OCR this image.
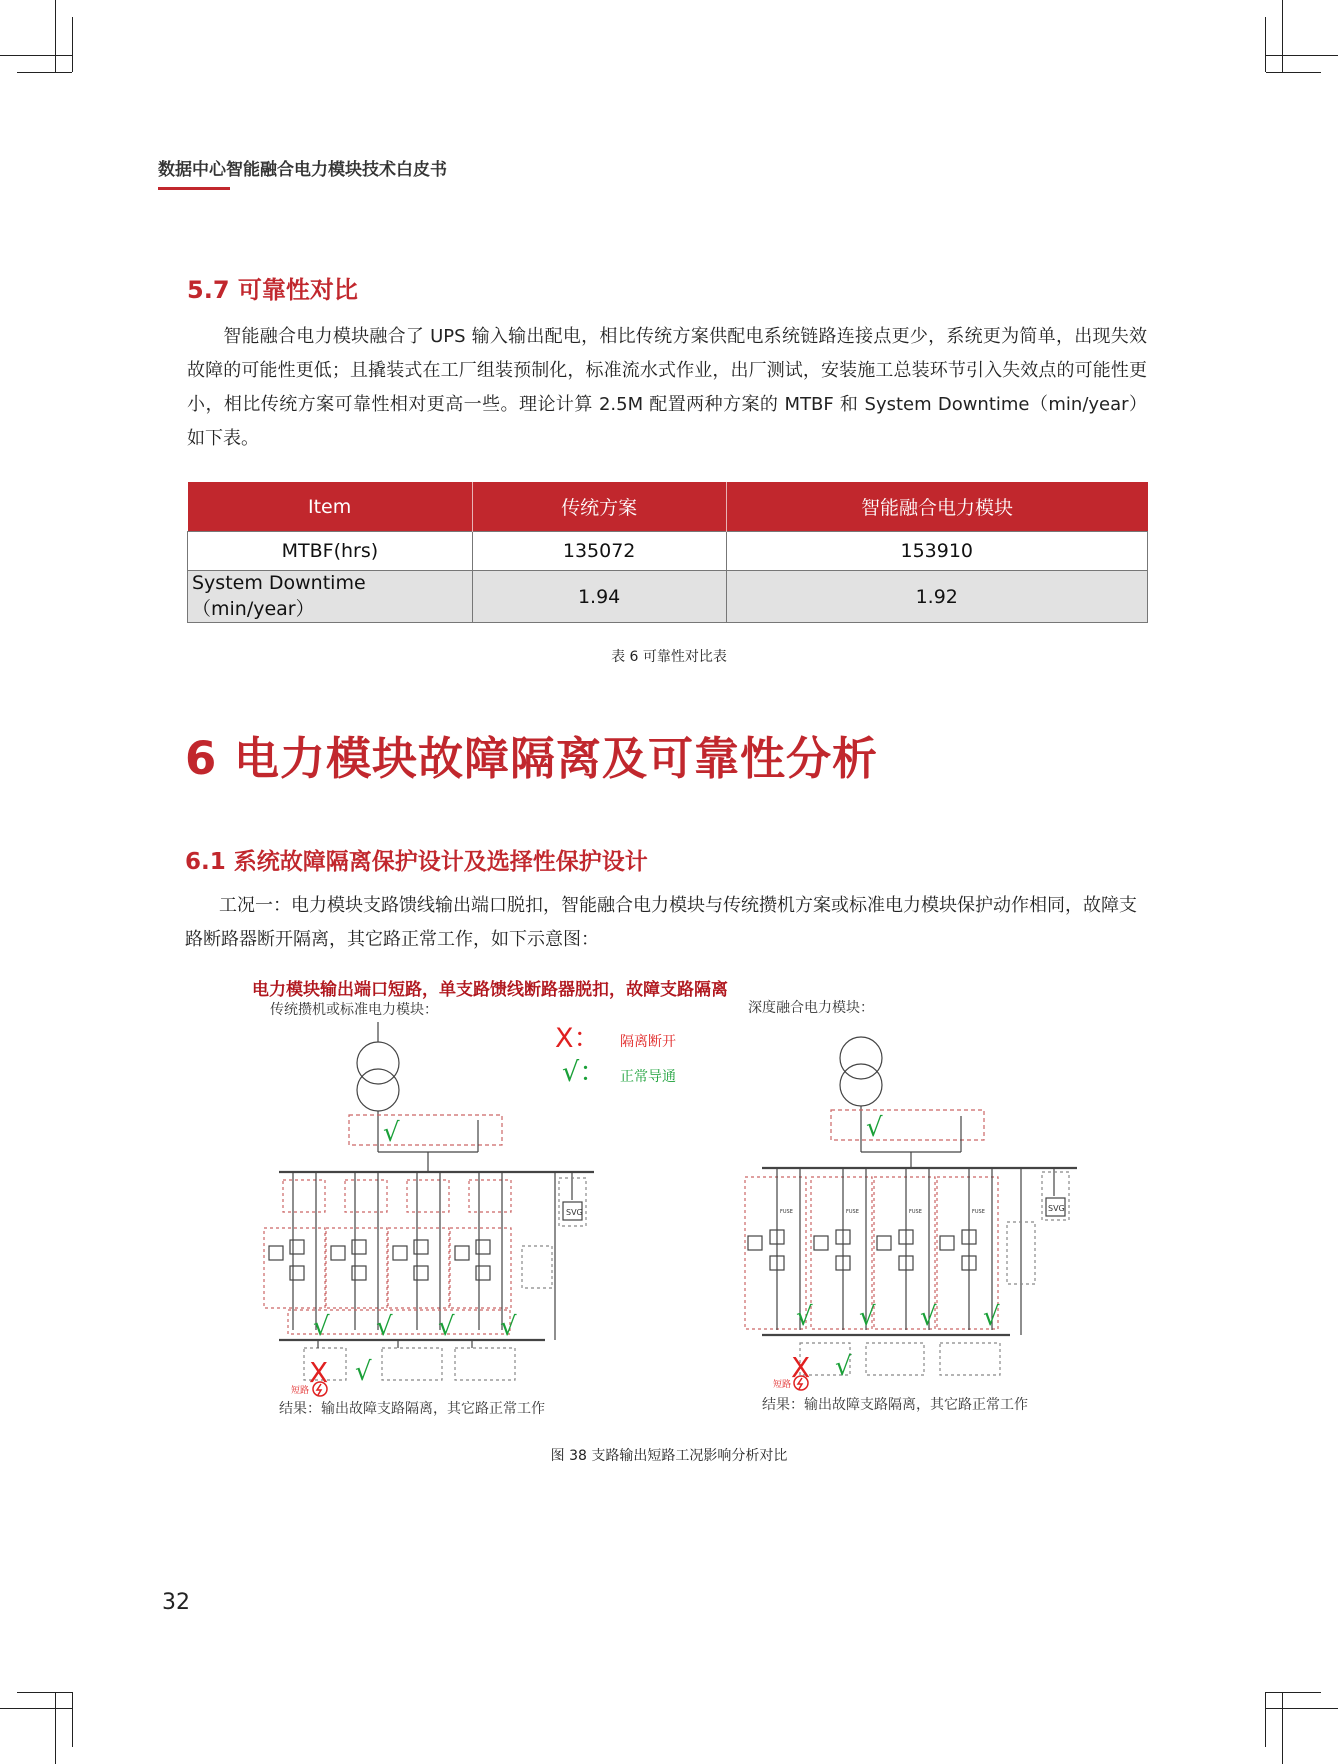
数据中心智能融合电力模块技术白皮书
5.7 可靠性对比
智能融合电力模块融合了 UPS 输入输出配电，相比传统方案供配电系统链路连接点更少，系统更为简单，出现失效故障的可能性更低；且撬装式在工厂组装预制化，标准流水式作业，出厂测试，安装施工总装环节引入失效点的可能性更小，相比传统方案可靠性相对更高一些。理论计算 2.5M 配置两种方案的 MTBF 和 System Downtime（min/year）如下表。
Item	传统方案	智能融合电力模块
MTBF(hrs)	135072	153910
System Downtime（min/year）	1.94	1.92
表 6 可靠性对比表
6 电力模块故障隔离及可靠性分析
6.1 系统故障隔离保护设计及选择性保护设计
工况一：电力模块支路馈线输出端口脱扣，智能融合电力模块与传统攒机方案或标准电力模块保护动作相同，故障支路断路器断开隔离，其它路正常工作，如下示意图：
电力模块输出端口短路，单支路馈线断路器脱扣，故障支路隔离
传统攒机或标准电力模块：	深度融合电力模块：
X： 隔离断开
√： 正常导通
√
√ √ √ √
√
√
√ √ √ √
√
X	X
短路
短路
SVG	SVG
FUSE	FUSE	FUSE	FUSE
结果：输出故障支路隔离，其它路正常工作	结果：输出故障支路隔离，其它路正常工作
图 38 支路输出短路工况影响分析对比
32
